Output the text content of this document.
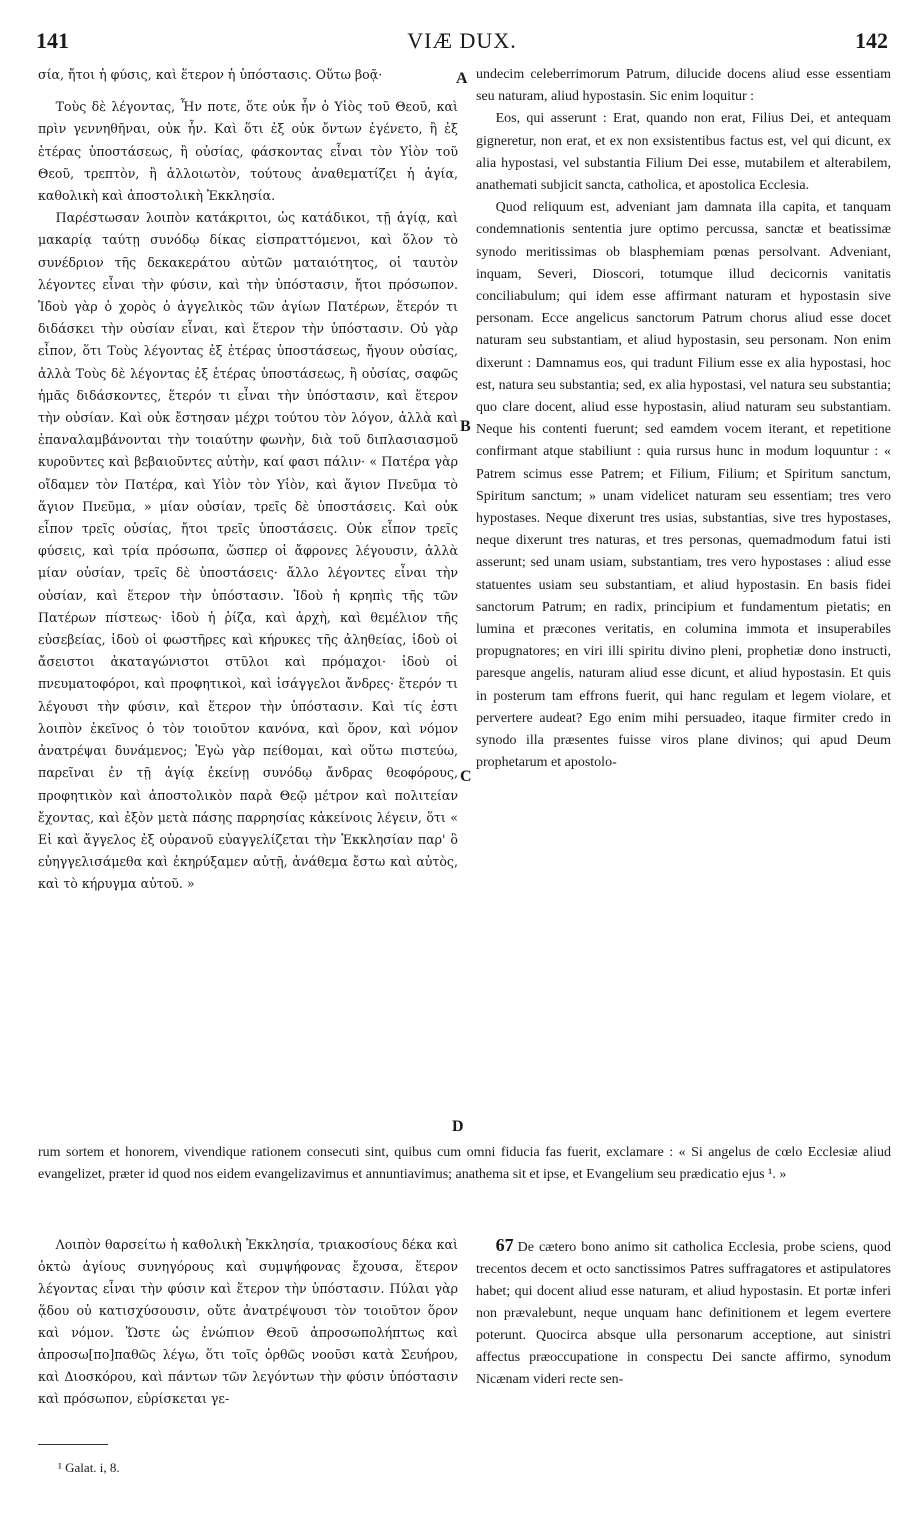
141	VIÆ DUX.	142

σία, ἤτοι ἡ φύσις, καὶ ἕτερον ἡ ὑπόστασις. Οὕτω βοᾷ·

Τοὺς δὲ λέγοντας, Ἦν ποτε, ὅτε οὐκ ἦν ὁ Υἱὸς τοῦ Θεοῦ, καὶ πρὶν γεννηθῆναι, οὐκ ἦν. Καὶ ὅτι ἐξ οὐκ ὄντων ἐγένετο, ἢ ἐξ ἑτέρας ὑποστάσεως, ἢ οὐσίας, φάσκοντας εἶναι τὸν Υἱὸν τοῦ Θεοῦ, τρεπτὸν, ἢ ἀλλοιωτὸν, τούτους ἀναθεματίζει ἡ ἁγία, καθολικὴ καὶ ἀποστολικὴ Ἐκκλησία.

Παρέστωσαν λοιπὸν κατάκριτοι, ὡς κατάδικοι, τῇ ἁγίᾳ, καὶ μακαρίᾳ ταύτῃ συνόδῳ δίκας εἰσπραττόμενοι, καὶ ὅλον τὸ συνέδριον τῆς δεκακεράτου αὐτῶν ματαιότητος, οἱ ταυτὸν λέγοντες εἶναι τὴν φύσιν, καὶ τὴν ὑπόστασιν, ἤτοι πρόσωπον. Ἰδοὺ γὰρ ὁ χορὸς ὁ ἀγγελικὸς τῶν ἁγίων Πατέρων, ἕτερόν τι διδάσκει τὴν οὐσίαν εἶναι, καὶ ἕτερον τὴν ὑπόστασιν. Οὐ γὰρ εἶπον, ὅτι Τοὺς λέγοντας ἐξ ἑτέρας ὑποστάσεως, ἤγουν οὐσίας, ἀλλὰ Τοὺς δὲ λέγοντας ἐξ ἑτέρας ὑποστάσεως, ἢ οὐσίας, σαφῶς ἡμᾶς διδάσκοντες, ἕτερόν τι εἶναι τὴν ὑπόστασιν, καὶ ἕτερον τὴν οὐσίαν. Καὶ οὐκ ἔστησαν μέχρι τούτου τὸν λόγον, ἀλλὰ καὶ ἐπαναλαμβάνονται τὴν τοιαύτην φωνὴν, διὰ τοῦ διπλασιασμοῦ κυροῦντες καὶ βεβαιοῦντες αὐτὴν, καί φασι πάλιν· « Πατέρα γὰρ οἴδαμεν τὸν Πατέρα, καὶ Υἱὸν τὸν Υἱὸν, καὶ ἅγιον Πνεῦμα τὸ ἅγιον Πνεῦμα, » μίαν οὐσίαν, τρεῖς δὲ ὑποστάσεις. Καὶ οὐκ εἶπον τρεῖς οὐσίας, ἤτοι τρεῖς ὑποστάσεις. Οὐκ εἶπον τρεῖς φύσεις, καὶ τρία πρόσωπα, ὥσπερ οἱ ἄφρονες λέγουσιν, ἀλλὰ μίαν οὐσίαν, τρεῖς δὲ ὑποστάσεις· ἄλλο λέγοντες εἶναι τὴν οὐσίαν, καὶ ἕτερον τὴν ὑπόστασιν. Ἰδοὺ ἡ κρηπὶς τῆς τῶν Πατέρων πίστεως· ἰδοὺ ἡ ῥίζα, καὶ ἀρχὴ, καὶ θεμέλιον τῆς εὐσεβείας, ἰδοὺ οἱ φωστῆρες καὶ κήρυκες τῆς ἀληθείας, ἰδοὺ οἱ ἄσειστοι ἀκαταγώνιστοι στῦλοι καὶ πρόμαχοι· ἰδοὺ οἱ πνευματοφόροι, καὶ προφητικοὶ, καὶ ἰσάγγελοι ἄνδρες· ἕτερόν τι λέγουσι τὴν φύσιν, καὶ ἕτερον τὴν ὑπόστασιν. Καὶ τίς ἐστι λοιπὸν ἐκεῖνος ὁ τὸν τοιοῦτον κανόνα, καὶ ὅρον, καὶ νόμον ἀνατρέψαι δυνάμενος; Ἐγὼ γὰρ πείθομαι, καὶ οὕτω πιστεύω, παρεῖναι ἐν τῇ ἁγίᾳ ἐκείνῃ συνόδῳ ἄνδρας θεοφόρους, προφητικὸν καὶ ἀποστολικὸν παρὰ Θεῷ μέτρον καὶ πολιτείαν ἔχοντας, καὶ ἐξὸν μετὰ πάσης παρρησίας κἀκείνοις λέγειν, ὅτι « Εἰ καὶ ἄγγελος ἐξ οὐρανοῦ εὐαγγελίζεται τὴν Ἐκκλησίαν παρ' ὃ εὐηγγελισάμεθα καὶ ἐκηρύξαμεν αὐτῇ, ἀνάθεμα ἔστω καὶ αὐτὸς, καὶ τὸ κήρυγμα αὐτοῦ. »

A
B
C
D

undecim celeberrimorum Patrum, dilucide docens aliud esse essentiam seu naturam, aliud hypostasin. Sic enim loquitur :

Eos, qui asserunt : Erat, quando non erat, Filius Dei, et antequam gigneretur, non erat, et ex non exsistentibus factus est, vel qui dicunt, ex alia hypostasi, vel substantia Filium Dei esse, mutabilem et alterabilem, anathemati subjicit sancta, catholica, et apostolica Ecclesia.

Quod reliquum est, adveniant jam damnata illa capita, et tanquam condemnationis sententia jure optimo percussa, sanctæ et beatissimæ synodo meritissimas ob blasphemiam pœnas persolvant. Adveniant, inquam, Severi, Dioscori, totumque illud decicornis vanitatis conciliabulum; qui idem esse affirmant naturam et hypostasin sive personam. Ecce angelicus sanctorum Patrum chorus aliud esse docet naturam seu substantiam, et aliud hypostasin, seu personam. Non enim dixerunt : Damnamus eos, qui tradunt Filium esse ex alia hypostasi, hoc est, natura seu substantia; sed, ex alia hypostasi, vel natura seu substantia; quo clare docent, aliud esse hypostasin, aliud naturam seu substantiam. Neque his contenti fuerunt; sed eamdem vocem iterant, et repetitione confirmant atque stabiliunt : quia rursus hunc in modum loquuntur : « Patrem scimus esse Patrem; et Filium, Filium; et Spiritum sanctum, Spiritum sanctum; » unam videlicet naturam seu essentiam; tres vero hypostases. Neque dixerunt tres usias, substantias, sive tres hypostases, neque dixerunt tres naturas, et tres personas, quemadmodum fatui isti asserunt; sed unam usiam, substantiam, tres vero hypostases : aliud esse statuentes usiam seu substantiam, et aliud hypostasin. En basis fidei sanctorum Patrum; en radix, principium et fundamentum pietatis; en lumina et præcones veritatis, en columina immota et insuperabiles propugnatores; en viri illi spiritu divino pleni, prophetiæ dono instructi, paresque angelis, naturam aliud esse dicunt, et aliud hypostasin. Et quis in posterum tam effrons fuerit, qui hanc regulam et legem violare, et pervertere audeat? Ego enim mihi persuadeo, itaque firmiter credo in synodo illa præsentes fuisse viros plane divinos; qui apud Deum prophetarum et apostolo-

rum sortem et honorem, vivendique rationem consecuti sint, quibus cum omni fiducia fas fuerit, exclamare : « Si angelus de cœlo Ecclesiæ aliud evangelizet, præter id quod nos eidem evangelizavimus et annuntiavimus; anathema sit et ipse, et Evangelium seu prædicatio ejus ¹. »

Λοιπὸν θαρσείτω ἡ καθολικὴ Ἐκκλησία, τριακοσίους δέκα καὶ ὀκτὼ ἁγίους συνηγόρους καὶ συμψήφονας ἔχουσα, ἕτερον λέγοντας εἶναι τὴν φύσιν καὶ ἕτερον τὴν ὑπόστασιν. Πύλαι γὰρ ᾅδου οὐ κατισχύσουσιν, οὔτε ἀνατρέψουσι τὸν τοιοῦτον ὅρον καὶ νόμον. Ὥστε ὡς ἐνώπιον Θεοῦ ἀπροσωπολήπτως καὶ ἀπροσω[πο]παθῶς λέγω, ὅτι τοῖς ὀρθῶς νοοῦσι κατὰ Σευήρου, καὶ Διοσκόρου, καὶ πάντων τῶν λεγόντων τὴν φύσιν ὑπόστασιν καὶ πρόσωπον, εὑρίσκεται γε-

67 De cætero bono animo sit catholica Ecclesia, probe sciens, quod trecentos decem et octo sanctissimos Patres suffragatores et astipulatores habet; qui docent aliud esse naturam, et aliud hypostasin. Et portæ inferi non prævalebunt, neque unquam hanc definitionem et legem evertere poterunt. Quocirca absque ulla personarum acceptione, aut sinistri affectus præoccupatione in conspectu Dei sancte affirmo, synodum Nicænam videri recte sen-

¹ Galat. i, 8.
